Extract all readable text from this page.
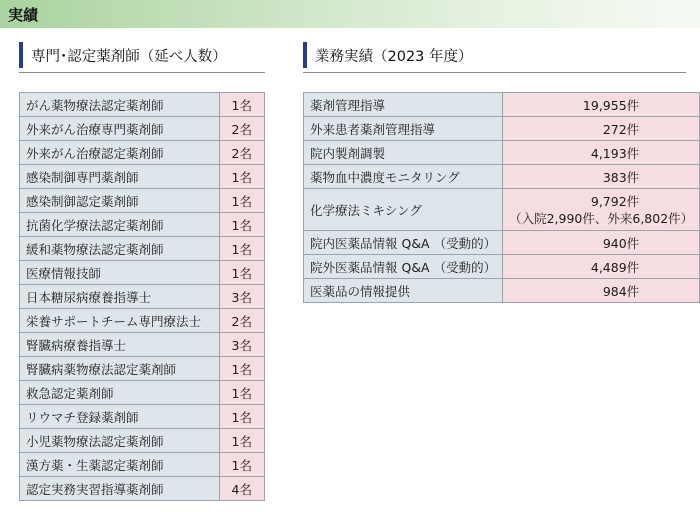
実績
専門･認定薬剤師（延べ人数）	業務実績（2023 年度）
がん薬物療法認定薬剤師	1名
外来がん治療専門薬剤師	2名
外来がん治療認定薬剤師	2名
感染制御専門薬剤師	1名
感染制御認定薬剤師	1名
抗菌化学療法認定薬剤師	1名
緩和薬物療法認定薬剤師	1名
医療情報技師	1名
日本糖尿病療養指導士	3名
栄養サポートチーム専門療法士	2名
腎臓病療養指導士	3名
腎臓病薬物療法認定薬剤師	1名
救急認定薬剤師	1名
リウマチ登録薬剤師	1名
小児薬物療法認定薬剤師	1名
漢方薬・生薬認定薬剤師	1名
認定実務実習指導薬剤師	4名
薬剤管理指導	19,955件
外来患者薬剤管理指導	272件
院内製剤調製	4,193件
薬物血中濃度モニタリング	383件
化学療法ミキシング	9,792件
（入院2,990件、外来6,802件）

院内医薬品情報 Q&A （受動的）	940件
院外医薬品情報 Q&A （受動的）	4,489件
医薬品の情報提供	984件
